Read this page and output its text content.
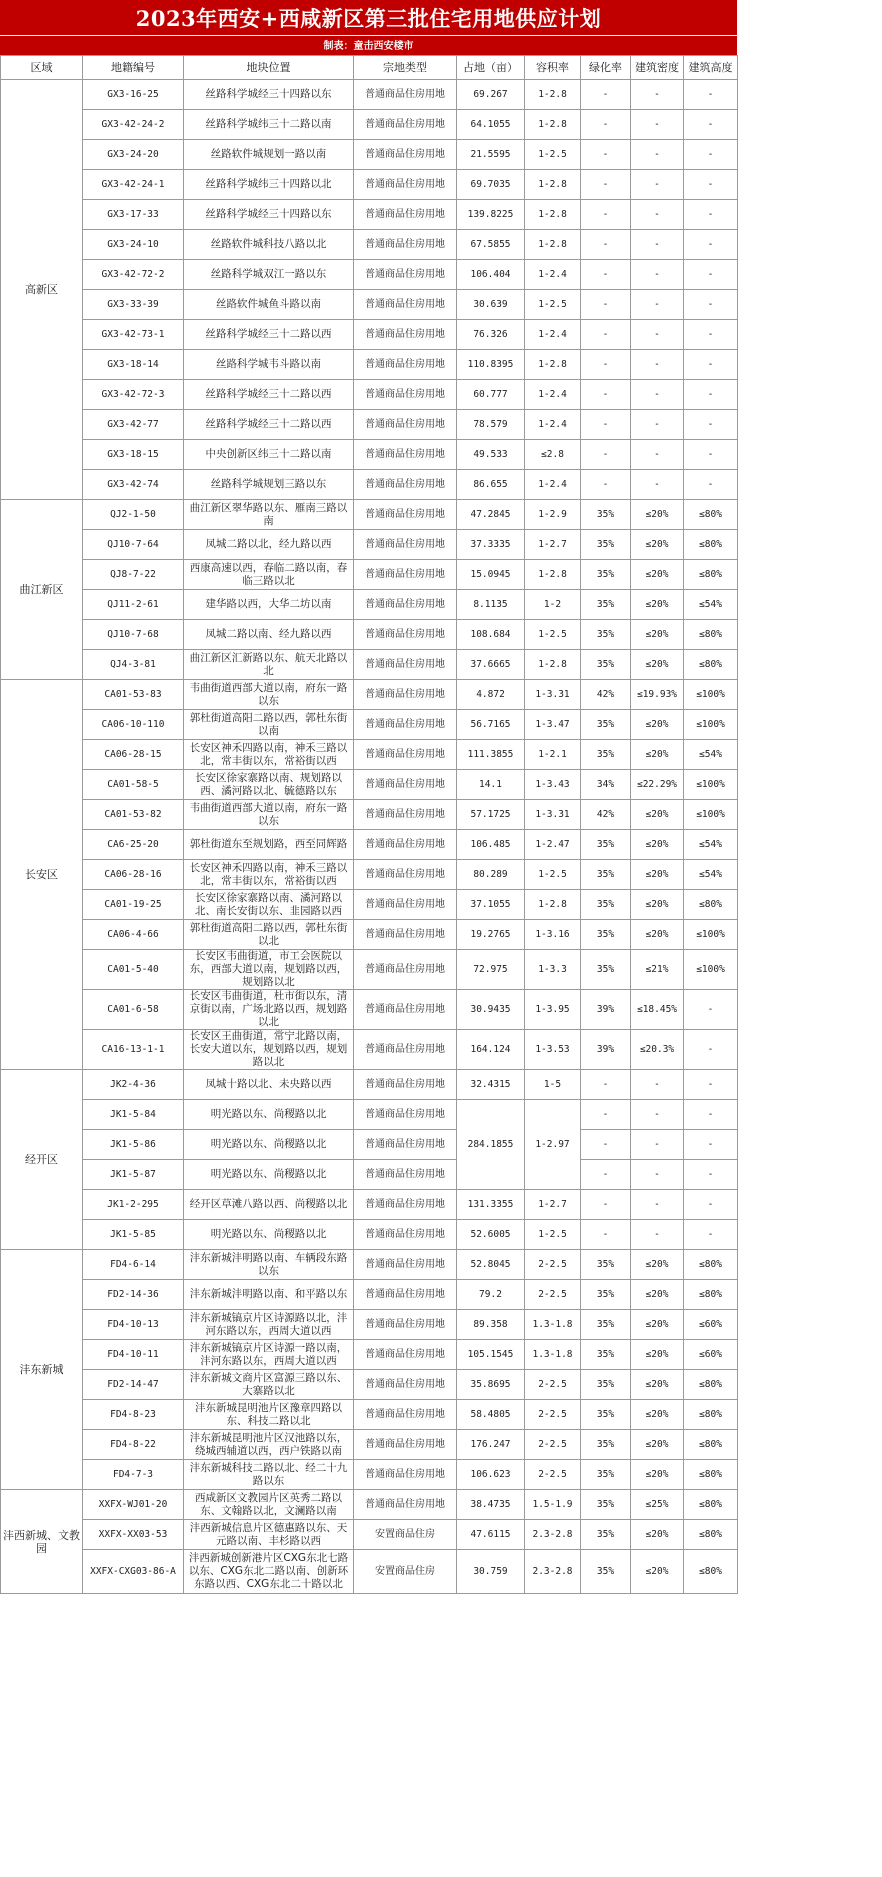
2023年西安+西咸新区第三批住宅用地供应计划
制表：童击西安楼市
区域	地籍编号	地块位置	宗地类型	占地（亩）	容积率	绿化率	建筑密度	建筑高度
高新区	GX3-16-25	丝路科学城经三十四路以东	普通商品住房用地	69.267	1-2.8	-	-	-
	GX3-42-24-2	丝路科学城纬三十二路以南	普通商品住房用地	64.1055	1-2.8	-	-	-
	GX3-24-20	丝路软件城规划一路以南	普通商品住房用地	21.5595	1-2.5	-	-	-
	GX3-42-24-1	丝路科学城纬三十四路以北	普通商品住房用地	69.7035	1-2.8	-	-	-
	GX3-17-33	丝路科学城经三十四路以东	普通商品住房用地	139.8225	1-2.8	-	-	-
	GX3-24-10	丝路软件城科技八路以北	普通商品住房用地	67.5855	1-2.8	-	-	-
	GX3-42-72-2	丝路科学城双江一路以东	普通商品住房用地	106.404	1-2.4	-	-	-
	GX3-33-39	丝路软件城鱼斗路以南	普通商品住房用地	30.639	1-2.5	-	-	-
	GX3-42-73-1	丝路科学城经三十二路以西	普通商品住房用地	76.326	1-2.4	-	-	-
	GX3-18-14	丝路科学城韦斗路以南	普通商品住房用地	110.8395	1-2.8	-	-	-
	GX3-42-72-3	丝路科学城经三十二路以西	普通商品住房用地	60.777	1-2.4	-	-	-
	GX3-42-77	丝路科学城经三十二路以西	普通商品住房用地	78.579	1-2.4	-	-	-
	GX3-18-15	中央创新区纬三十二路以南	普通商品住房用地	49.533	≤2.8	-	-	-
	GX3-42-74	丝路科学城规划三路以东	普通商品住房用地	86.655	1-2.4	-	-	-
曲江新区	QJ2-1-50	曲江新区翠华路以东、雁南三路以南	普通商品住房用地	47.2845	1-2.9	35%	≤20%	≤80%
	QJ10-7-64	凤城二路以北，经九路以西	普通商品住房用地	37.3335	1-2.7	35%	≤20%	≤80%
	QJ8-7-22	西康高速以西，春临二路以南，春临三路以北	普通商品住房用地	15.0945	1-2.8	35%	≤20%	≤80%
	QJ11-2-61	建华路以西，大华二坊以南	普通商品住房用地	8.1135	1-2	35%	≤20%	≤54%
	QJ10-7-68	凤城二路以南、经九路以西	普通商品住房用地	108.684	1-2.5	35%	≤20%	≤80%
	QJ4-3-81	曲江新区汇新路以东、航天北路以北	普通商品住房用地	37.6665	1-2.8	35%	≤20%	≤80%
长安区	CA01-53-83	韦曲街道西部大道以南，府东一路以东	普通商品住房用地	4.872	1-3.31	42%	≤19.93%	≤100%
	CA06-10-110	郭杜街道高阳二路以西，郭杜东街以南	普通商品住房用地	56.7165	1-3.47	35%	≤20%	≤100%
	CA06-28-15	长安区神禾四路以南，神禾三路以北，常丰街以东，常裕街以西	普通商品住房用地	111.3855	1-2.1	35%	≤20%	≤54%
	CA01-58-5	长安区徐家寨路以南、规划路以西、潏河路以北、毓德路以东	普通商品住房用地	14.1	1-3.43	34%	≤22.29%	≤100%
	CA01-53-82	韦曲街道西部大道以南，府东一路以东	普通商品住房用地	57.1725	1-3.31	42%	≤20%	≤100%
	CA6-25-20	郭杜街道东至规划路，西至同辉路	普通商品住房用地	106.485	1-2.47	35%	≤20%	≤54%
	CA06-28-16	长安区神禾四路以南，神禾三路以北，常丰街以东，常裕街以西	普通商品住房用地	80.289	1-2.5	35%	≤20%	≤54%
	CA01-19-25	长安区徐家寨路以南、潏河路以北、南长安街以东、韭园路以西	普通商品住房用地	37.1055	1-2.8	35%	≤20%	≤80%
	CA06-4-66	郭杜街道高阳二路以西，郭杜东街以北	普通商品住房用地	19.2765	1-3.16	35%	≤20%	≤100%
	CA01-5-40	长安区韦曲街道，市工会医院以东，西部大道以南，规划路以西，规划路以北	普通商品住房用地	72.975	1-3.3	35%	≤21%	≤100%
	CA01-6-58	长安区韦曲街道，杜市街以东，清京街以南，广场北路以西，规划路以北	普通商品住房用地	30.9435	1-3.95	39%	≤18.45%	-
	CA16-13-1-1	长安区王曲街道，常宁北路以南，长安大道以东，规划路以西，规划路以北	普通商品住房用地	164.124	1-3.53	39%	≤20.3%	-
经开区	JK2-4-36	凤城十路以北、未央路以西	普通商品住房用地	32.4315	1-5	-	-	-
	JK1-5-84	明光路以东、尚稷路以北	普通商品住房用地	284.1855	1-2.97	-	-	-
	JK1-5-86	明光路以东、尚稷路以北	普通商品住房用地			-	-	-
	JK1-5-87	明光路以东、尚稷路以北	普通商品住房用地			-	-	-
	JK1-2-295	经开区草滩八路以西、尚稷路以北	普通商品住房用地	131.3355	1-2.7	-	-	-
	JK1-5-85	明光路以东、尚稷路以北	普通商品住房用地	52.6005	1-2.5	-	-	-
沣东新城	FD4-6-14	沣东新城沣明路以南、车辆段东路以东	普通商品住房用地	52.8045	2-2.5	35%	≤20%	≤80%
	FD2-14-36	沣东新城沣明路以南、和平路以东	普通商品住房用地	79.2	2-2.5	35%	≤20%	≤80%
	FD4-10-13	沣东新城镐京片区诗源路以北，沣河东路以东，西周大道以西	普通商品住房用地	89.358	1.3-1.8	35%	≤20%	≤60%
	FD4-10-11	沣东新城镐京片区诗源一路以南，沣河东路以东，西周大道以西	普通商品住房用地	105.1545	1.3-1.8	35%	≤20%	≤60%
	FD2-14-47	沣东新城文商片区富源三路以东、大寨路以北	普通商品住房用地	35.8695	2-2.5	35%	≤20%	≤80%
	FD4-8-23	沣东新城昆明池片区豫章四路以东、科技二路以北	普通商品住房用地	58.4805	2-2.5	35%	≤20%	≤80%
	FD4-8-22	沣东新城昆明池片区汉池路以东，绕城西辅道以西，西户铁路以南	普通商品住房用地	176.247	2-2.5	35%	≤20%	≤80%
	FD4-7-3	沣东新城科技二路以北、经二十九路以东	普通商品住房用地	106.623	2-2.5	35%	≤20%	≤80%
沣西新城、文教园	XXFX-WJ01-20	西咸新区文教园片区英秀二路以东、文翰路以北，文澜路以南	普通商品住房用地	38.4735	1.5-1.9	35%	≤25%	≤80%
	XXFX-XX03-53	沣西新城信息片区德惠路以东、天元路以南、丰杉路以西	安置商品住房	47.6115	2.3-2.8	35%	≤20%	≤80%
	XXFX-CXG03-86-A	沣西新城创新港片区CXG东北七路以东、CXG东北二路以南、创新环东路以西、CXG东北二十路以北	安置商品住房	30.759	2.3-2.8	35%	≤20%	≤80%
